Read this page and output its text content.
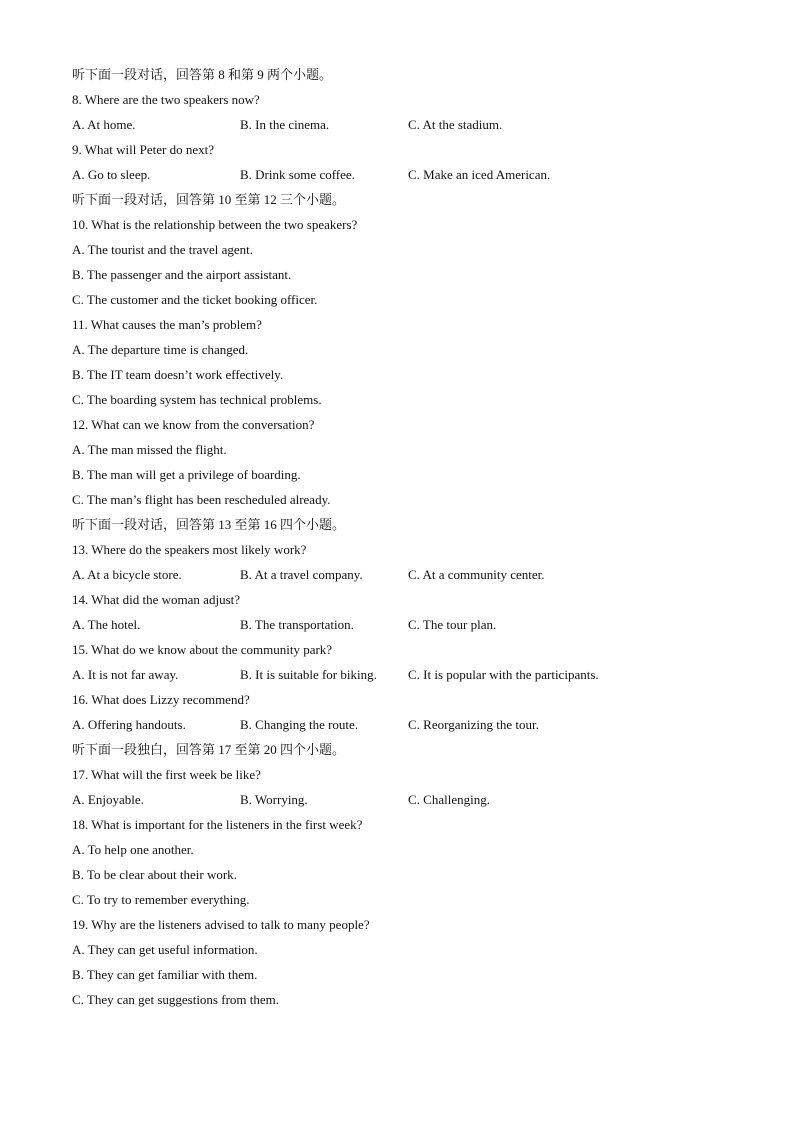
听下面一段对话，回答第 8 和第 9 两个小题。
8. Where are the two speakers now?
A. At home.	B. In the cinema.	C. At the stadium.
9. What will Peter do next?
A. Go to sleep.	B. Drink some coffee.	C. Make an iced American.
听下面一段对话，回答第 10 至第 12 三个小题。
10. What is the relationship between the two speakers?
A. The tourist and the travel agent.
B. The passenger and the airport assistant.
C. The customer and the ticket booking officer.
11. What causes the man’s problem?
A. The departure time is changed.
B. The IT team doesn’t work effectively.
C. The boarding system has technical problems.
12. What can we know from the conversation?
A. The man missed the flight.
B. The man will get a privilege of boarding.
C. The man’s flight has been rescheduled already.
听下面一段对话，回答第 13 至第 16 四个小题。
13. Where do the speakers most likely work?
A. At a bicycle store.	B. At a travel company.	C. At a community center.
14. What did the woman adjust?
A. The hotel.	B. The transportation.	C. The tour plan.
15. What do we know about the community park?
A. It is not far away.	B. It is suitable for biking. C. It is popular with the participants.
16. What does Lizzy recommend?
A. Offering handouts.	B. Changing the route.	C. Reorganizing the tour.
听下面一段独白，回答第 17 至第 20 四个小题。
17. What will the first week be like?
A. Enjoyable.	B. Worrying.	C. Challenging.
18. What is important for the listeners in the first week?
A. To help one another.
B. To be clear about their work.
C. To try to remember everything.
19. Why are the listeners advised to talk to many people?
A. They can get useful information.
B. They can get familiar with them.
C. They can get suggestions from them.
